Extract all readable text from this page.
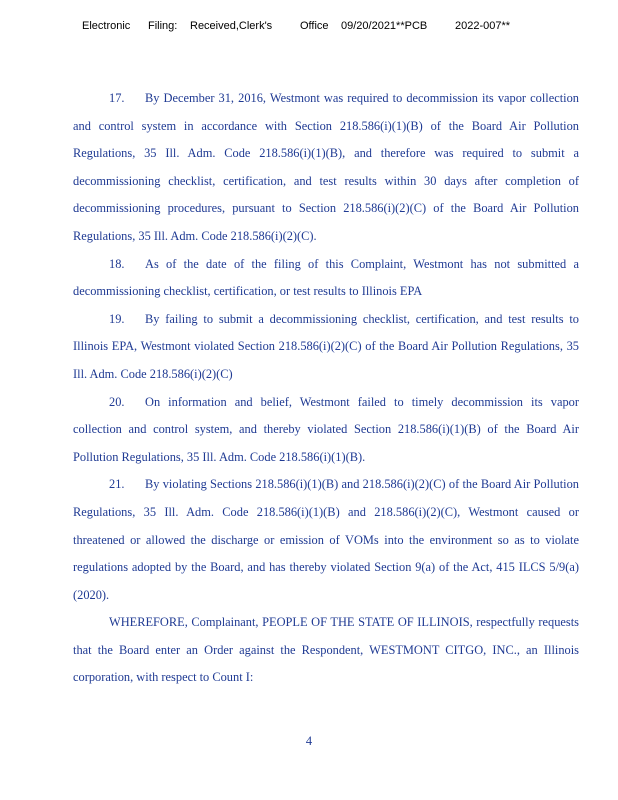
Electronic Filing: Received,Clerk's	Office 09/20/2021**PCB	2022-007**

17. By December 31, 2016, Westmont was required to decommission its vapor collection and control system in accordance with Section 218.586(i)(1)(B) of the Board Air Pollution Regulations, 35 Ill. Adm. Code 218.586(i)(1)(B), and therefore was required to submit a decommissioning checklist, certification, and test results within 30 days after completion of decommissioning procedures, pursuant to Section 218.586(i)(2)(C) of the Board Air Pollution Regulations, 35 Ill. Adm. Code 218.586(i)(2)(C).

18. As of the date of the filing of this Complaint, Westmont has not submitted a decommissioning checklist, certification, or test results to Illinois EPA

19. By failing to submit a decommissioning checklist, certification, and test results to Illinois EPA, Westmont violated Section 218.586(i)(2)(C) of the Board Air Pollution Regulations, 35 Ill. Adm. Code 218.586(i)(2)(C)

20. On information and belief, Westmont failed to timely decommission its vapor collection and control system, and thereby violated Section 218.586(i)(1)(B) of the Board Air Pollution Regulations, 35 Ill. Adm. Code 218.586(i)(1)(B).

21. By violating Sections 218.586(i)(1)(B) and 218.586(i)(2)(C) of the Board Air Pollution Regulations, 35 Ill. Adm. Code 218.586(i)(1)(B) and 218.586(i)(2)(C), Westmont caused or threatened or allowed the discharge or emission of VOMs into the environment so as to violate regulations adopted by the Board, and has thereby violated Section 9(a) of the Act, 415 ILCS 5/9(a)(2020).

WHEREFORE, Complainant, PEOPLE OF THE STATE OF ILLINOIS, respectfully requests that the Board enter an Order against the Respondent, WESTMONT CITGO, INC., an Illinois corporation, with respect to Count I:

4
